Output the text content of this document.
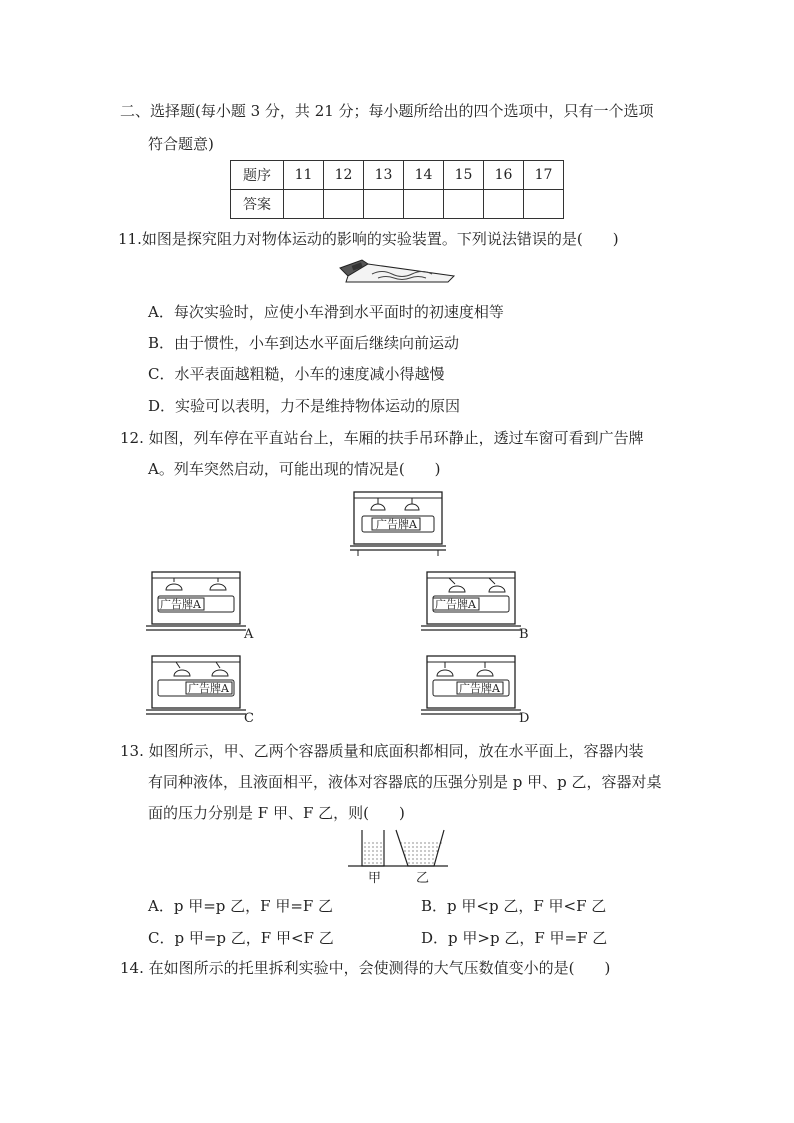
二、选择题(每小题 3 分，共 21 分；每小题所给出的四个选项中，只有一个选项
符合题意)
题序	11	12	13	14	15	16	17
答案							
11.如图是探究阻力对物体运动的影响的实验装置。下列说法错误的是(　　)
A．每次实验时，应使小车滑到水平面时的初速度相等
B．由于惯性，小车到达水平面后继续向前运动
C．水平表面越粗糙，小车的速度减小得越慢
D．实验可以表明，力不是维持物体运动的原因
12. 如图，列车停在平直站台上，车厢的扶手吊环静止，透过车窗可看到广告牌
A。列车突然启动，可能出现的情况是(　　)
广告牌A
广告牌A
A
广告牌A
B
广告牌A
C
广告牌A
D
13. 如图所示，甲、乙两个容器质量和底面积都相同，放在水平面上，容器内装
有同种液体，且液面相平，液体对容器底的压强分别是 p 甲、p 乙，容器对桌
面的压力分别是 F 甲、F 乙，则(　　)
甲	乙
A．p 甲=p 乙，F 甲=F 乙	B．p 甲<p 乙，F 甲<F 乙
C．p 甲=p 乙，F 甲<F 乙	D．p 甲>p 乙，F 甲=F 乙
14. 在如图所示的托里拆利实验中，会使测得的大气压数值变小的是(　　)
